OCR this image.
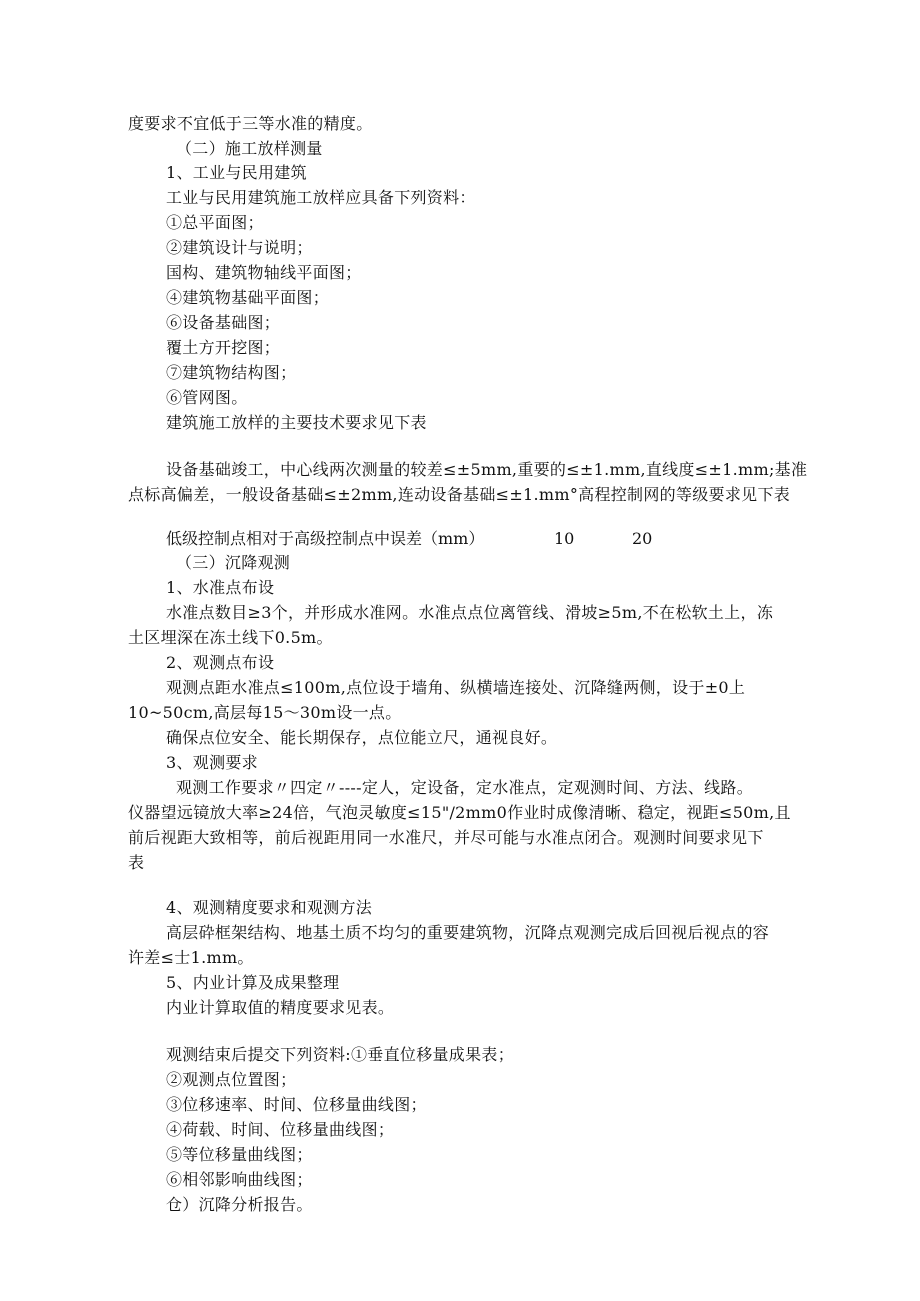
度要求不宜低于三等水准的精度。
（二）施工放样测量
1、工业与民用建筑
工业与民用建筑施工放样应具备下列资料：
①总平面图；
②建筑设计与说明；
国构、建筑物轴线平面图；
④建筑物基础平面图；
⑥设备基础图；
覆土方开挖图；
⑦建筑物结构图；
⑥管网图。
建筑施工放样的主要技术要求见下表
设备基础竣工，中心线两次测量的较差≤±5mm,重要的≤±1.mm,直线度≤±1.mm;基准
点标高偏差，一般设备基础≤±2mm,连动设备基础≤±1.mm°高程控制网的等级要求见下表
低级控制点相对于高级控制点中误差（mm）	10	20
（三）沉降观测
1、水准点布设
水准点数目≥3个，并形成水准网。水准点点位离管线、滑坡≥5m,不在松软土上，冻
土区埋深在冻土线下0.5m。
2、观测点布设
观测点距水准点≤100m,点位设于墙角、纵横墙连接处、沉降缝两侧，设于±0上
10~50cm,高层每15〜30m设一点。
确保点位安全、能长期保存，点位能立尺，通视良好。
3、观测要求
观测工作要求〃四定〃----定人，定设备，定水准点，定观测时间、方法、线路。
仪器望远镜放大率≥24倍，气泡灵敏度≤15"/2mm0作业时成像清晰、稳定，视距≤50m,且
前后视距大致相等，前后视距用同一水准尺，并尽可能与水准点闭合。观测时间要求见下
表
4、观测精度要求和观测方法
高层砕框架结构、地基土质不均匀的重要建筑物，沉降点观测完成后回视后视点的容
许差≤士1.mm。
5、内业计算及成果整理
内业计算取值的精度要求见表。
观测结束后提交下列资料:①垂直位移量成果表；
②观测点位置图；
③位移速率、时间、位移量曲线图；
④荷载、时间、位移量曲线图；
⑤等位移量曲线图；
⑥相邻影响曲线图；
仓）沉降分析报告。
